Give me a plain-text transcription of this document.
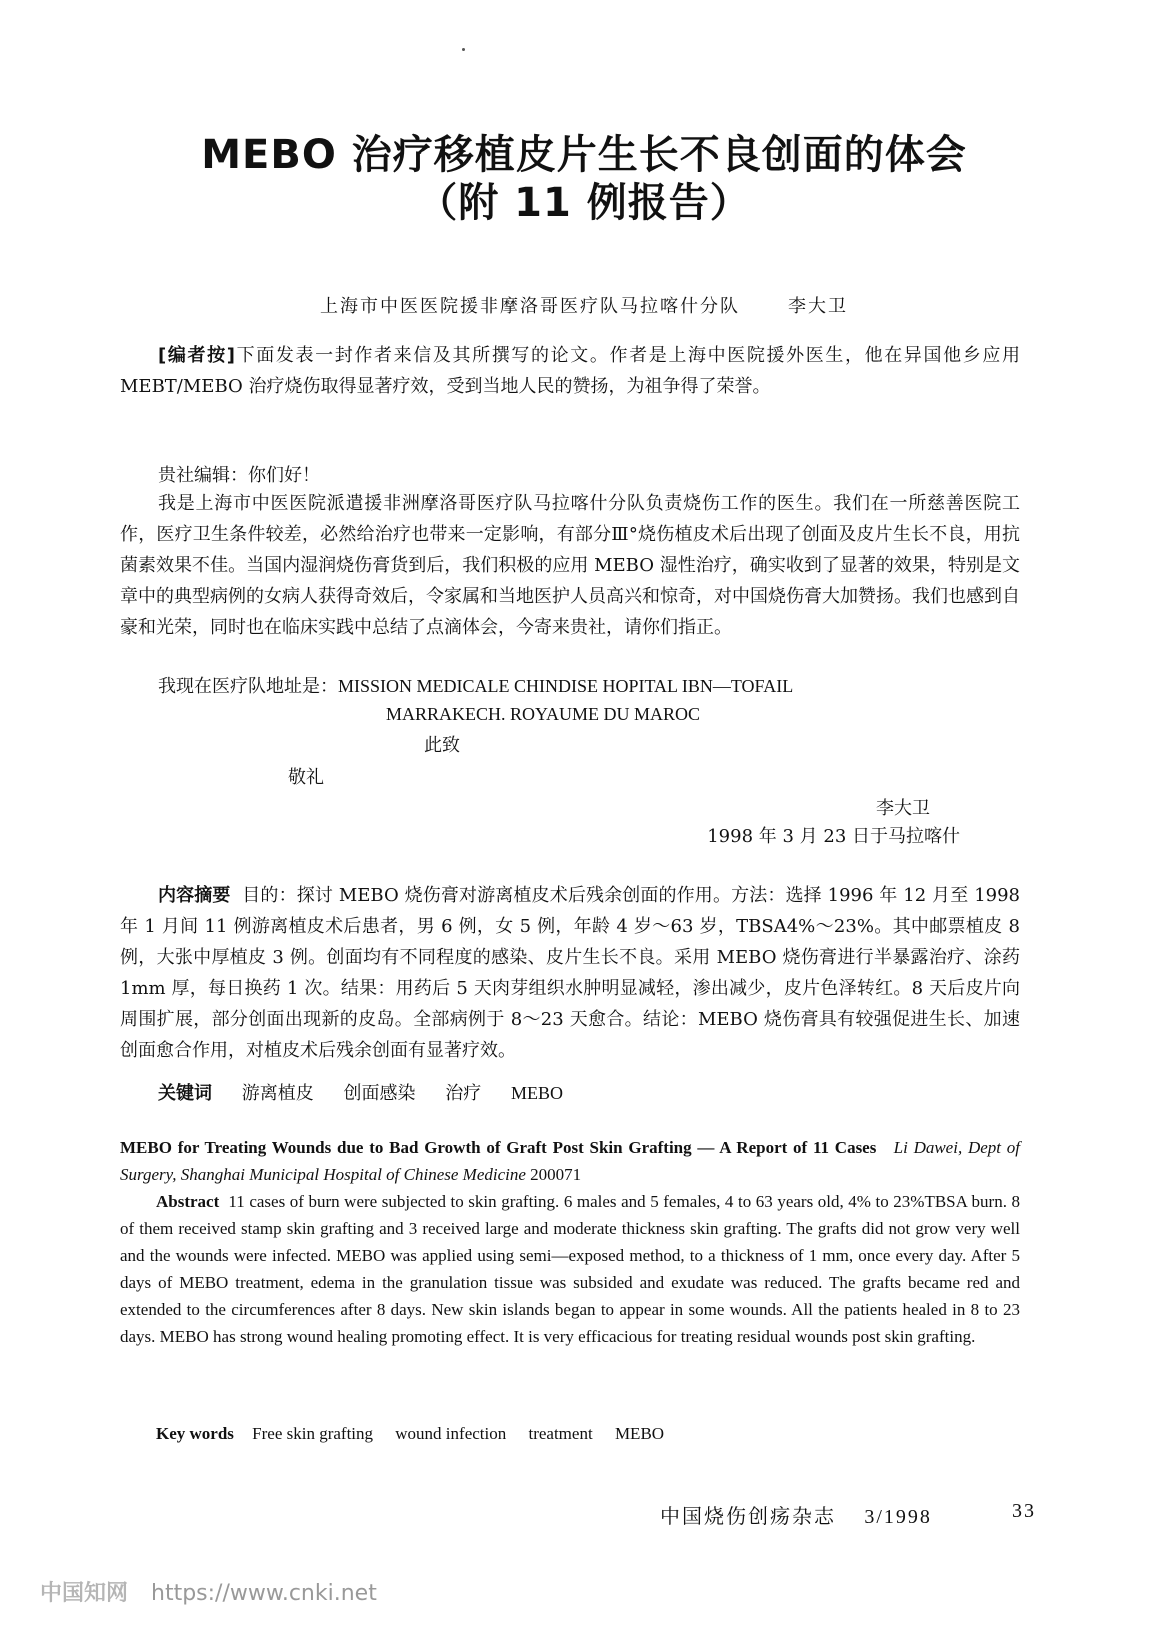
MEBO 治疗移植皮片生长不良创面的体会
（附 11 例报告）
上海市中医医院援非摩洛哥医疗队马拉喀什分队	李大卫
[编者按]下面发表一封作者来信及其所撰写的论文。作者是上海中医院援外医生，他在异国他乡应用 MEBT/MEBO 治疗烧伤取得显著疗效，受到当地人民的赞扬，为祖争得了荣誉。
贵社编辑：你们好！
我是上海市中医医院派遣援非洲摩洛哥医疗队马拉喀什分队负责烧伤工作的医生。我们在一所慈善医院工作，医疗卫生条件较差，必然给治疗也带来一定影响，有部分Ⅲ°烧伤植皮术后出现了创面及皮片生长不良，用抗菌素效果不佳。当国内湿润烧伤膏货到后，我们积极的应用 MEBO 湿性治疗，确实收到了显著的效果，特别是文章中的典型病例的女病人获得奇效后，令家属和当地医护人员高兴和惊奇，对中国烧伤膏大加赞扬。我们也感到自豪和光荣，同时也在临床实践中总结了点滴体会，今寄来贵社，请你们指正。
我现在医疗队地址是：MISSION MEDICALE CHINDISE HOPITAL IBN—TOFAIL
MARRAKECH. ROYAUME DU MAROC
此致
敬礼
李大卫
1998 年 3 月 23 日于马拉喀什
内容摘要 目的：探讨 MEBO 烧伤膏对游离植皮术后残余创面的作用。方法：选择 1996 年 12 月至 1998 年 1 月间 11 例游离植皮术后患者，男 6 例，女 5 例，年龄 4 岁～63 岁，TBSA4%～23%。其中邮票植皮 8 例，大张中厚植皮 3 例。创面均有不同程度的感染、皮片生长不良。采用 MEBO 烧伤膏进行半暴露治疗、涂药 1mm 厚，每日换药 1 次。结果：用药后 5 天肉芽组织水肿明显减轻，渗出减少，皮片色泽转红。8 天后皮片向周围扩展，部分创面出现新的皮岛。全部病例于 8～23 天愈合。结论：MEBO 烧伤膏具有较强促进生长、加速创面愈合作用，对植皮术后残余创面有显著疗效。
关键词 游离植皮 创面感染 治疗 MEBO
MEBO for Treating Wounds due to Bad Growth of Graft Post Skin Grafting — A Report of 11 Cases Li Dawei, Dept of Surgery, Shanghai Municipal Hospital of Chinese Medicine 200071
Abstract 11 cases of burn were subjected to skin grafting. 6 males and 5 females, 4 to 63 years old, 4% to 23%TBSA burn. 8 of them received stamp skin grafting and 3 received large and moderate thickness skin grafting. The grafts did not grow very well and the wounds were infected. MEBO was applied using semi—exposed method, to a thickness of 1 mm, once every day. After 5 days of MEBO treatment, edema in the granulation tissue was subsided and exudate was reduced. The grafts became red and extended to the circumferences after 8 days. New skin islands began to appear in some wounds. All the patients healed in 8 to 23 days. MEBO has strong wound healing promoting effect. It is very efficacious for treating residual wounds post skin grafting.
Key words Free skin grafting wound infection treatment MEBO
中国烧伤创疡杂志 3/1998	33
中国知网 https://www.cnki.net
